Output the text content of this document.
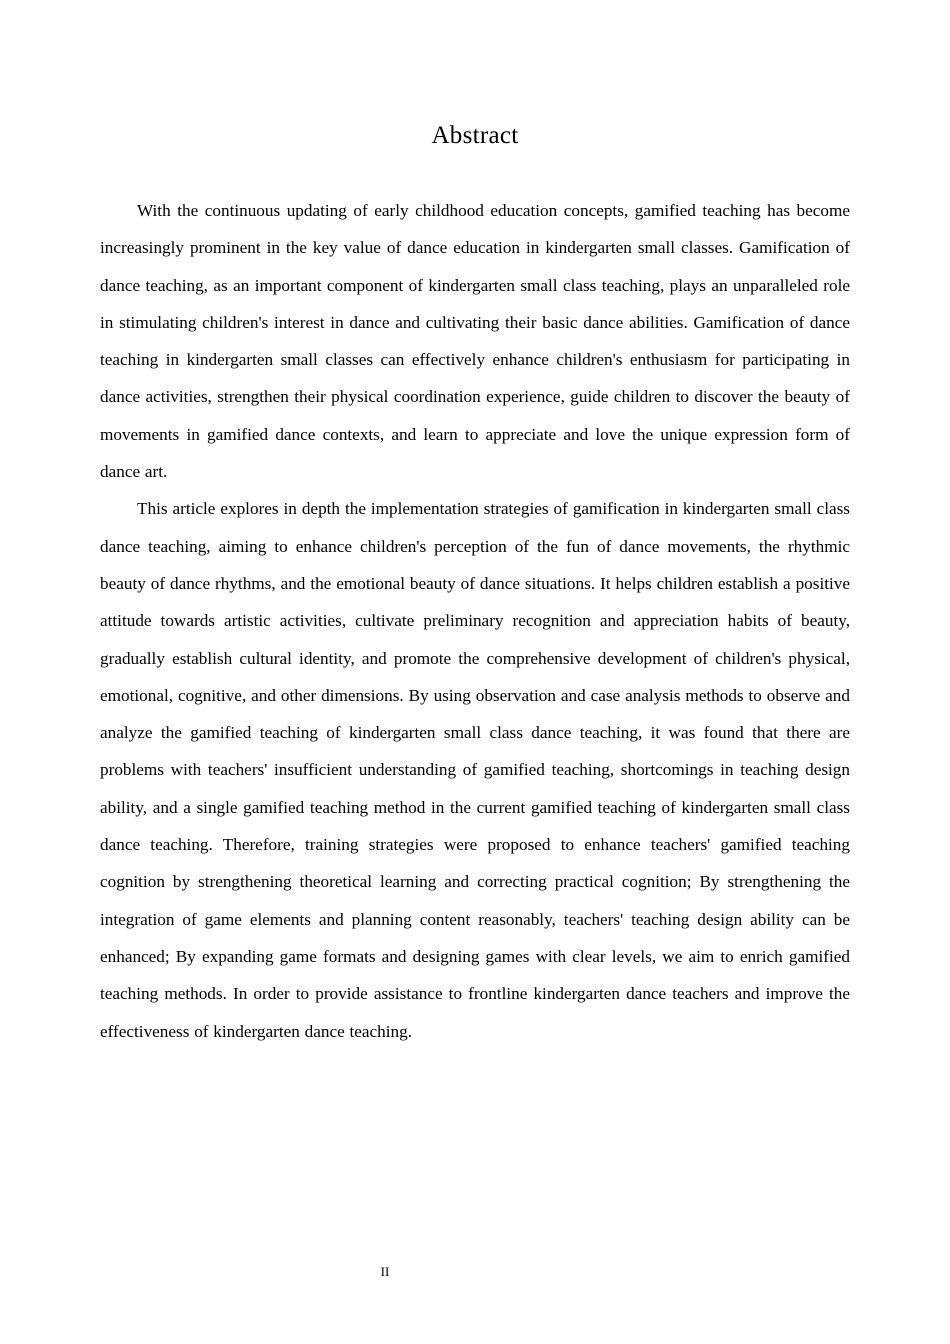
Abstract

With the continuous updating of early childhood education concepts, gamified teaching has become increasingly prominent in the key value of dance education in kindergarten small classes. Gamification of dance teaching, as an important component of kindergarten small class teaching, plays an unparalleled role in stimulating children's interest in dance and cultivating their basic dance abilities. Gamification of dance teaching in kindergarten small classes can effectively enhance children's enthusiasm for participating in dance activities, strengthen their physical coordination experience, guide children to discover the beauty of movements in gamified dance contexts, and learn to appreciate and love the unique expression form of dance art.

This article explores in depth the implementation strategies of gamification in kindergarten small class dance teaching, aiming to enhance children's perception of the fun of dance movements, the rhythmic beauty of dance rhythms, and the emotional beauty of dance situations. It helps children establish a positive attitude towards artistic activities, cultivate preliminary recognition and appreciation habits of beauty, gradually establish cultural identity, and promote the comprehensive development of children's physical, emotional, cognitive, and other dimensions. By using observation and case analysis methods to observe and analyze the gamified teaching of kindergarten small class dance teaching, it was found that there are problems with teachers' insufficient understanding of gamified teaching, shortcomings in teaching design ability, and a single gamified teaching method in the current gamified teaching of kindergarten small class dance teaching. Therefore, training strategies were proposed to enhance teachers' gamified teaching cognition by strengthening theoretical learning and correcting practical cognition; By strengthening the integration of game elements and planning content reasonably, teachers' teaching design ability can be enhanced; By expanding game formats and designing games with clear levels, we aim to enrich gamified teaching methods. In order to provide assistance to frontline kindergarten dance teachers and improve the effectiveness of kindergarten dance teaching.

II
